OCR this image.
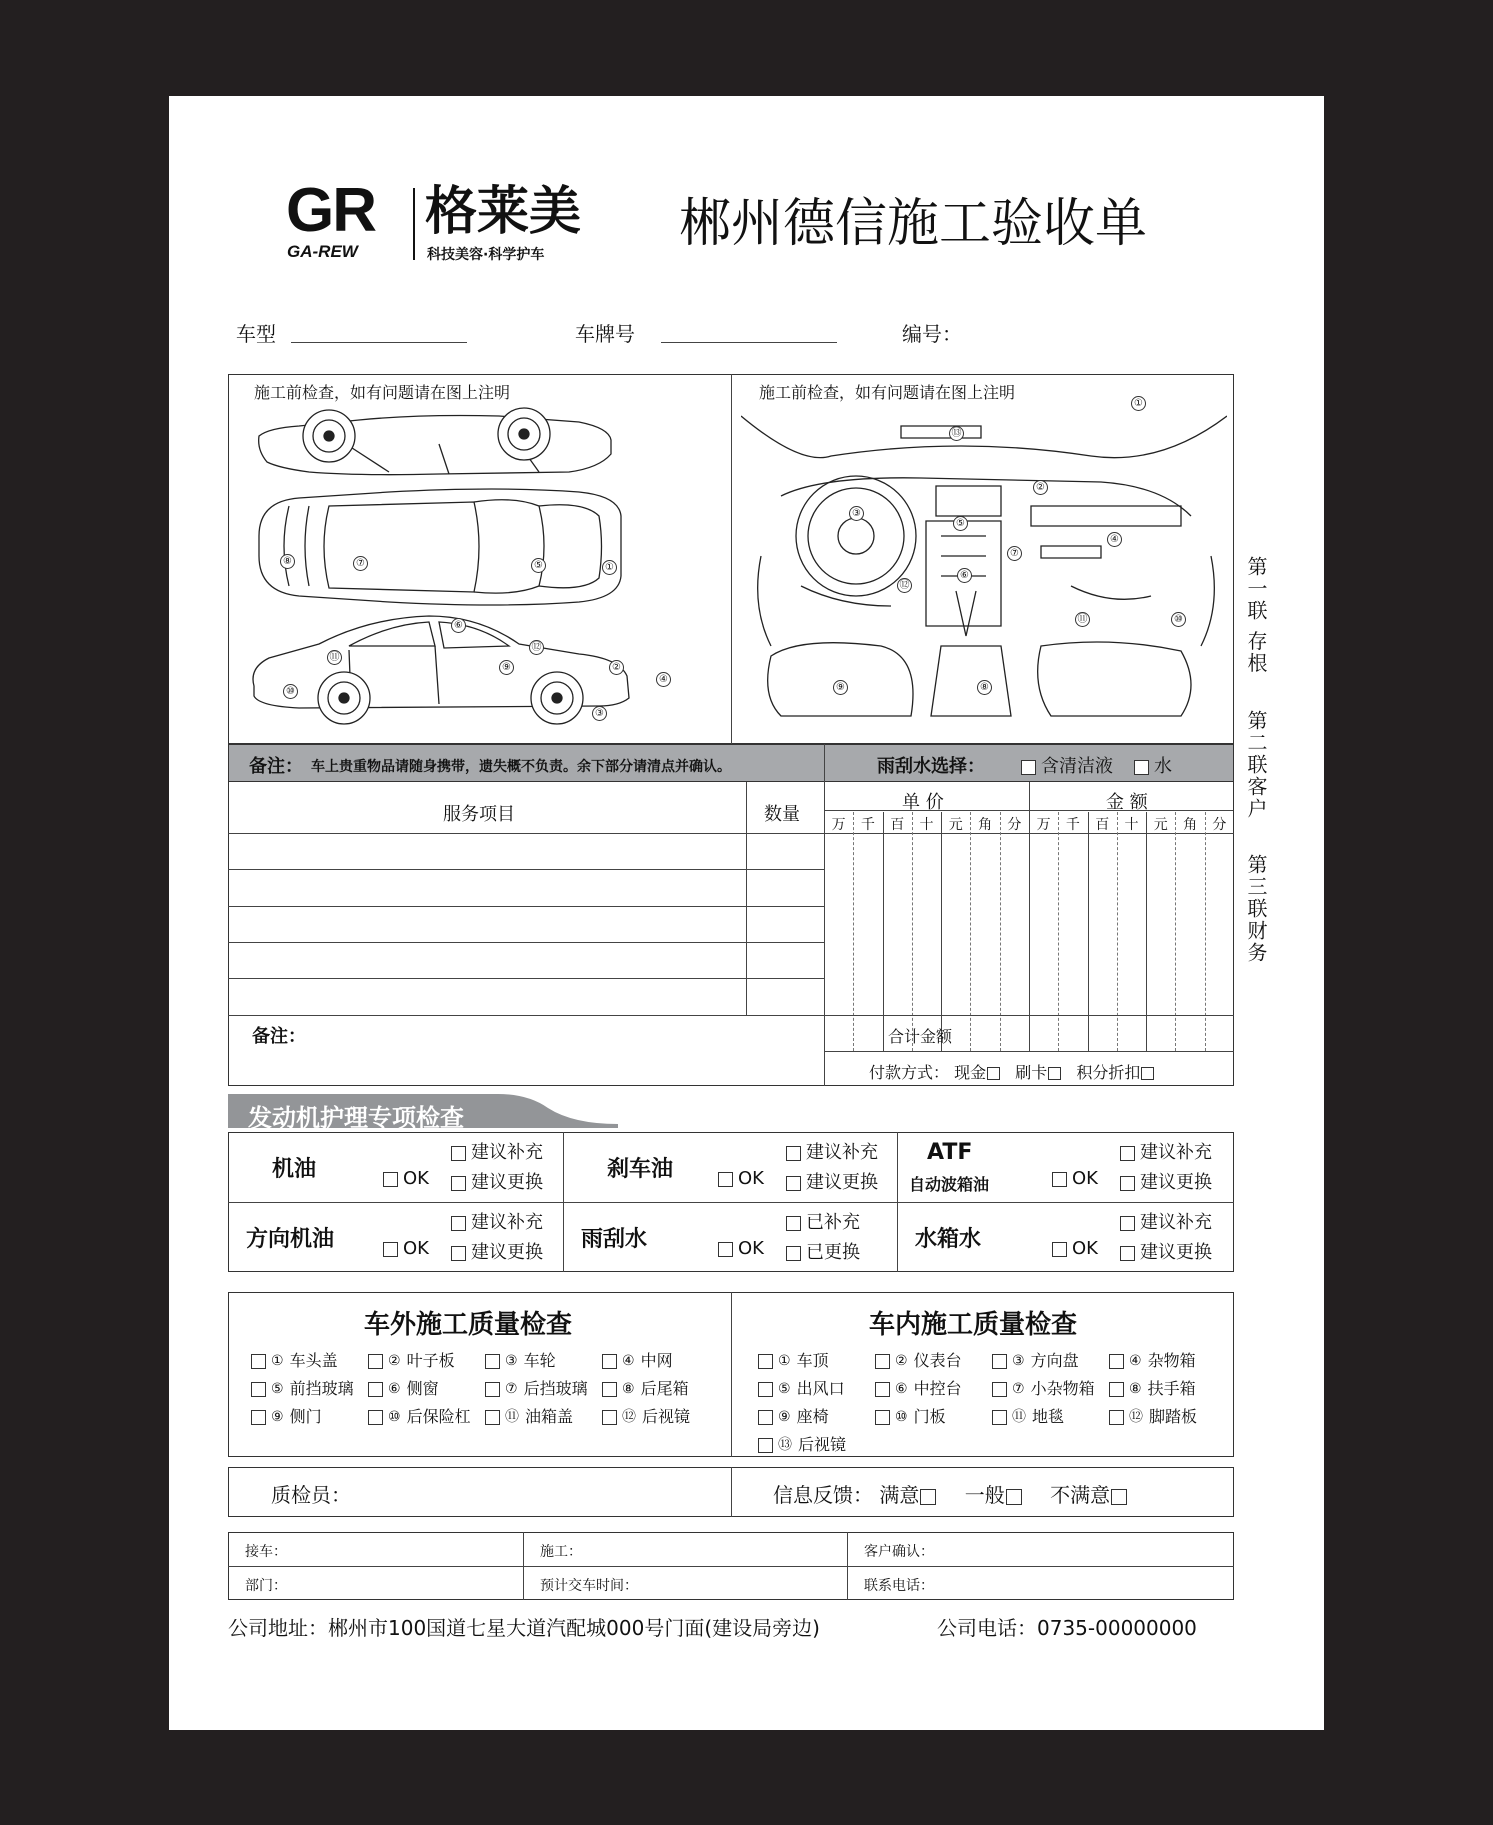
GR
GA-REW
格莱美
科技美容·科学护车
郴州德信施工验收单
车型	车牌号	编号：
施工前检查，如有问题请在图上注明	施工前检查，如有问题请在图上注明
①
⑤
⑦
⑧
⑥
⑫
⑪
⑨	②
④
⑩
③
①
⑬
②
③
⑤
④
⑦
⑫
⑥
⑪	⑩
⑨	⑧
备注： 车上贵重物品请随身携带，遗失概不负责。余下部分请清点并确认。	雨刮水选择：	含清洁液	水
服务项目	数量
单 价	金 额
万	千	百	十	元	角	分	万	千	百	十	元	角	分
合计金额
备注：
付款方式： 现金 刷卡 积分折扣
发动机护理专项检查
机油
建议补充
OK	建议更换
刹车油
建议补充
OK	建议更换
ATF
自动波箱油
建议补充
OK	建议更换
方向机油
建议补充
OK	建议更换
雨刮水
已补充
OK	已更换
水箱水
建议补充
OK	建议更换
车外施工质量检查	车内施工质量检查
① 车头盖	② 叶子板	③ 车轮	④ 中网
⑤ 前挡玻璃	⑥ 侧窗	⑦ 后挡玻璃	⑧ 后尾箱
⑨ 侧门	⑩ 后保险杠	⑪ 油箱盖	⑫ 后视镜
① 车顶	② 仪表台	③ 方向盘	④ 杂物箱
⑤ 出风口	⑥ 中控台	⑦ 小杂物箱	⑧ 扶手箱
⑨ 座椅	⑩ 门板	⑪ 地毯	⑫ 脚踏板
⑬ 后视镜
质检员：	信息反馈： 满意 一般 不满意
接车：	施工：	客户确认：
部门：	预计交车时间：	联系电话：
公司地址：郴州市100国道七星大道汽配城000号门面(建设局旁边)	公司电话：0735-00000000
第一联 存根
第二联客户
第三联财务
